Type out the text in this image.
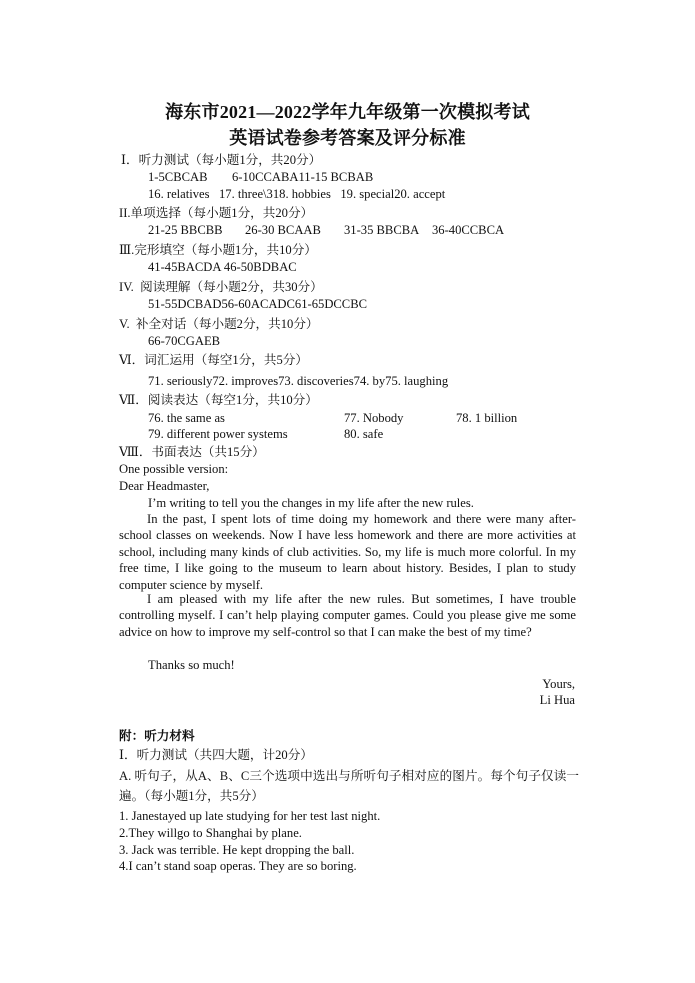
海东市2021—2022学年九年级第一次模拟考试
英语试卷参考答案及评分标准
Ⅰ．听力测试（每小题1分，共20分）
1-5CBCAB 6-10CCABA11-15 BCBAB
16. relatives   17. three\318. hobbies   19. special20. accept
II.单项选择（每小题1分，共20分）
21-25 BBCBB 26-30 BCAAB 31-35 BBCBA 36-40CCBCA
Ⅲ.完形填空（每小题1分，共10分）
41-45BACDA 46-50BDBAC
IV.  阅读理解（每小题2分，共30分）
51-55DCBAD56-60ACADC61-65DCCBC
V.  补全对话（每小题2分，共10分）
66-70CGAEB
Ⅵ．词汇运用（每空1分，共5分）
71. seriously72. improves73. discoveries74. by75. laughing
Ⅶ．阅读表达（每空1分，共10分）
76. the same as	77. Nobody	78. 1 billion
79. different power systems	80. safe
Ⅷ．书面表达（共15分）
One possible version:
Dear Headmaster,
I’m writing to tell you the changes in my life after the new rules.
In the past, I spent lots of time doing my homework and there were many after-school classes on weekends. Now I have less homework and there are more activities at school, including many kinds of club activities. So, my life is much more colorful. In my free time, I like going to the museum to learn about history. Besides, I plan to study computer science by myself.
I am pleased with my life after the new rules. But sometimes, I have trouble controlling myself. I can’t help playing computer games. Could you please give me some advice on how to improve my self-control so that I can make the best of my time?
Thanks so much!
Yours,
Li Hua
附：听力材料
Ⅰ．听力测试（共四大题，计20分）
A. 听句子，从A、B、C三个选项中选出与所听句子相对应的图片。每个句子仅读一遍。（每小题1分，共5分）
1. Janestayed up late studying for her test last night.
2.They willgo to Shanghai by plane.
3. Jack was terrible. He kept dropping the ball.
4.I can’t stand soap operas. They are so boring.
